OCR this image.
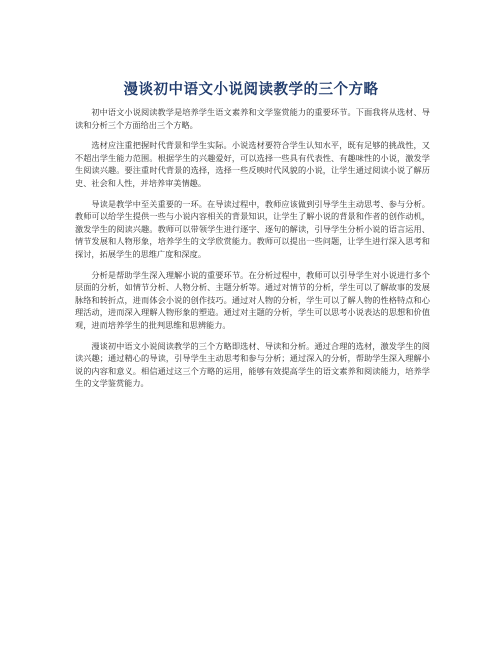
漫谈初中语文小说阅读教学的三个方略

初中语文小说阅读教学是培养学生语文素养和文学鉴赏能力的重要环节。下面我将从选材、导读和分析三个方面给出三个方略。

选材应注重把握时代背景和学生实际。小说选材要符合学生认知水平，既有足够的挑战性，又不超出学生能力范围。根据学生的兴趣爱好，可以选择一些具有代表性、有趣味性的小说，激发学生阅读兴趣。要注重时代背景的选择，选择一些反映时代风貌的小说，让学生通过阅读小说了解历史、社会和人性，并培养审美情趣。

导读是教学中至关重要的一环。在导读过程中，教师应该做到引导学生主动思考、参与分析。教师可以给学生提供一些与小说内容相关的背景知识，让学生了解小说的背景和作者的创作动机，激发学生的阅读兴趣。教师可以带领学生进行逐字、逐句的解读，引导学生分析小说的语言运用、情节发展和人物形象，培养学生的文学欣赏能力。教师可以提出一些问题，让学生进行深入思考和探讨，拓展学生的思维广度和深度。

分析是帮助学生深入理解小说的重要环节。在分析过程中，教师可以引导学生对小说进行多个层面的分析，如情节分析、人物分析、主题分析等。通过对情节的分析，学生可以了解故事的发展脉络和转折点，进而体会小说的创作技巧。通过对人物的分析，学生可以了解人物的性格特点和心理活动，进而深入理解人物形象的塑造。通过对主题的分析，学生可以思考小说表达的思想和价值观，进而培养学生的批判思维和思辨能力。

漫谈初中语文小说阅读教学的三个方略即选材、导读和分析。通过合理的选材，激发学生的阅读兴趣；通过精心的导读，引导学生主动思考和参与分析；通过深入的分析，帮助学生深入理解小说的内容和意义。相信通过这三个方略的运用，能够有效提高学生的语文素养和阅读能力，培养学生的文学鉴赏能力。
